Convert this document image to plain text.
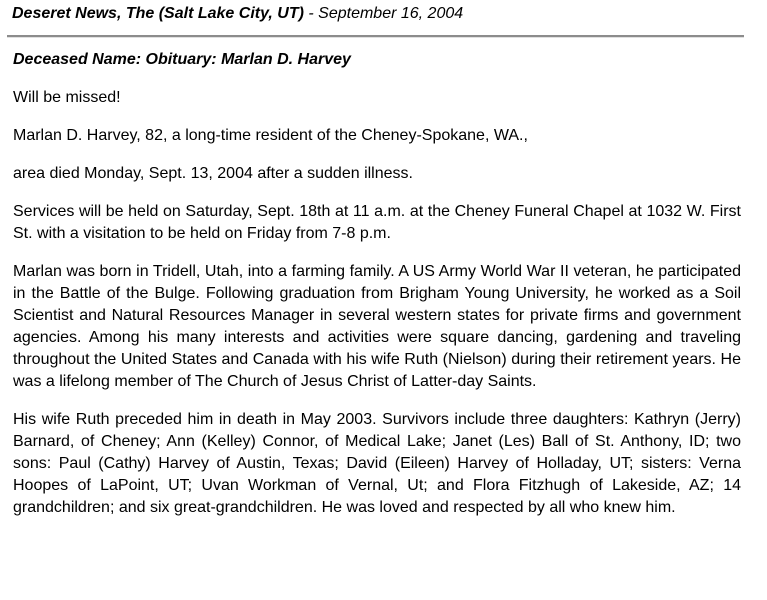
Deseret News, The (Salt Lake City, UT) - September 16, 2004
Deceased Name: Obituary: Marlan D. Harvey

Will be missed!

Marlan D. Harvey, 82, a long-time resident of the Cheney-Spokane, WA.,

area died Monday, Sept. 13, 2004 after a sudden illness.

Services will be held on Saturday, Sept. 18th at 11 a.m. at the Cheney Funeral Chapel at 1032 W. First St. with a visitation to be held on Friday from 7-8 p.m.

Marlan was born in Tridell, Utah, into a farming family. A US Army World War II veteran, he participated in the Battle of the Bulge. Following graduation from Brigham Young University, he worked as a Soil Scientist and Natural Resources Manager in several western states for private firms and government agencies. Among his many interests and activities were square dancing, gardening and traveling throughout the United States and Canada with his wife Ruth (Nielson) during their retirement years. He was a lifelong member of The Church of Jesus Christ of Latter-day Saints.

His wife Ruth preceded him in death in May 2003. Survivors include three daughters: Kathryn (Jerry) Barnard, of Cheney; Ann (Kelley) Connor, of Medical Lake; Janet (Les) Ball of St. Anthony, ID; two sons: Paul (Cathy) Harvey of Austin, Texas; David (Eileen) Harvey of Holladay, UT; sisters: Verna Hoopes of LaPoint, UT; Uvan Workman of Vernal, Ut; and Flora Fitzhugh of Lakeside, AZ; 14 grandchildren; and six great-grandchildren. He was loved and respected by all who knew him.
